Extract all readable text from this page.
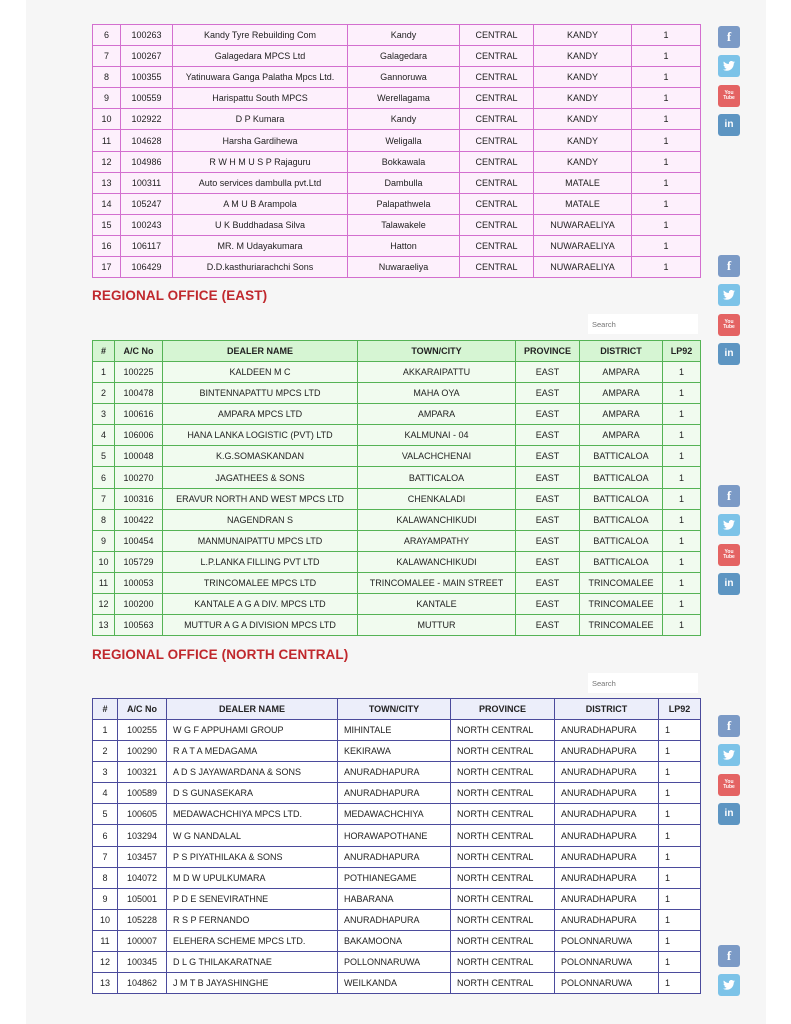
6	100263	Kandy Tyre Rebuilding Com	Kandy	CENTRAL	KANDY	1
7	100267	Galagedara MPCS Ltd	Galagedara	CENTRAL	KANDY	1
8	100355	Yatinuwara Ganga Palatha Mpcs Ltd.	Gannoruwa	CENTRAL	KANDY	1
9	100559	Harispattu South MPCS	Werellagama	CENTRAL	KANDY	1
10	102922	D P Kumara	Kandy	CENTRAL	KANDY	1
11	104628	Harsha Gardihewa	Weligalla	CENTRAL	KANDY	1
12	104986	R W H M U S P Rajaguru	Bokkawala	CENTRAL	KANDY	1
13	100311	Auto services dambulla pvt.Ltd	Dambulla	CENTRAL	MATALE	1
14	105247	A M U B Arampola	Palapathwela	CENTRAL	MATALE	1
15	100243	U K Buddhadasa Silva	Talawakele	CENTRAL	NUWARAELIYA	1
16	106117	MR. M Udayakumara	Hatton	CENTRAL	NUWARAELIYA	1
17	106429	D.D.kasthuriarachchi Sons	Nuwaraeliya	CENTRAL	NUWARAELIYA	1
REGIONAL OFFICE (EAST)
Search
#	A/C No	DEALER NAME	TOWN/CITY	PROVINCE	DISTRICT	LP92
1	100225	KALDEEN M C	AKKARAIPATTU	EAST	AMPARA	1
2	100478	BINTENNAPATTU MPCS LTD	MAHA OYA	EAST	AMPARA	1
3	100616	AMPARA MPCS LTD	AMPARA	EAST	AMPARA	1
4	106006	HANA LANKA LOGISTIC (PVT) LTD	KALMUNAI - 04	EAST	AMPARA	1
5	100048	K.G.SOMASKANDAN	VALACHCHENAI	EAST	BATTICALOA	1
6	100270	JAGATHEES & SONS	BATTICALOA	EAST	BATTICALOA	1
7	100316	ERAVUR NORTH AND WEST MPCS LTD	CHENKALADI	EAST	BATTICALOA	1
8	100422	NAGENDRAN S	KALAWANCHIKUDI	EAST	BATTICALOA	1
9	100454	MANMUNAIPATTU MPCS LTD	ARAYAMPATHY	EAST	BATTICALOA	1
10	105729	L.P.LANKA FILLING PVT LTD	KALAWANCHIKUDI	EAST	BATTICALOA	1
11	100053	TRINCOMALEE MPCS LTD	TRINCOMALEE - MAIN STREET	EAST	TRINCOMALEE	1
12	100200	KANTALE A G A DIV. MPCS LTD	KANTALE	EAST	TRINCOMALEE	1
13	100563	MUTTUR A G A DIVISION MPCS LTD	MUTTUR	EAST	TRINCOMALEE	1
REGIONAL OFFICE (NORTH CENTRAL)
Search
#	A/C No	DEALER NAME	TOWN/CITY	PROVINCE	DISTRICT	LP92
1	100255	W G F APPUHAMI GROUP	MIHINTALE	NORTH CENTRAL	ANURADHAPURA	1
2	100290	R A T A MEDAGAMA	KEKIRAWA	NORTH CENTRAL	ANURADHAPURA	1
3	100321	A D S JAYAWARDANA & SONS	ANURADHAPURA	NORTH CENTRAL	ANURADHAPURA	1
4	100589	D S GUNASEKARA	ANURADHAPURA	NORTH CENTRAL	ANURADHAPURA	1
5	100605	MEDAWACHCHIYA MPCS LTD.	MEDAWACHCHIYA	NORTH CENTRAL	ANURADHAPURA	1
6	103294	W G NANDALAL	HORAWAPOTHANE	NORTH CENTRAL	ANURADHAPURA	1
7	103457	P S PIYATHILAKA & SONS	ANURADHAPURA	NORTH CENTRAL	ANURADHAPURA	1
8	104072	M D W UPULKUMARA	POTHIANEGAME	NORTH CENTRAL	ANURADHAPURA	1
9	105001	P D E SENEVIRATHNE	HABARANA	NORTH CENTRAL	ANURADHAPURA	1
10	105228	R S P FERNANDO	ANURADHAPURA	NORTH CENTRAL	ANURADHAPURA	1
11	100007	ELEHERA SCHEME MPCS LTD.	BAKAMOONA	NORTH CENTRAL	POLONNARUWA	1
12	100345	D L G THILAKARATNAE	POLLONNARUWA	NORTH CENTRAL	POLONNARUWA	1
13	104862	J M T B JAYASHINGHE	WEILKANDA	NORTH CENTRAL	POLONNARUWA	1
f
You
Tube
in
f
You
Tube
in
f
You
Tube
in
f
You
Tube
in
f
